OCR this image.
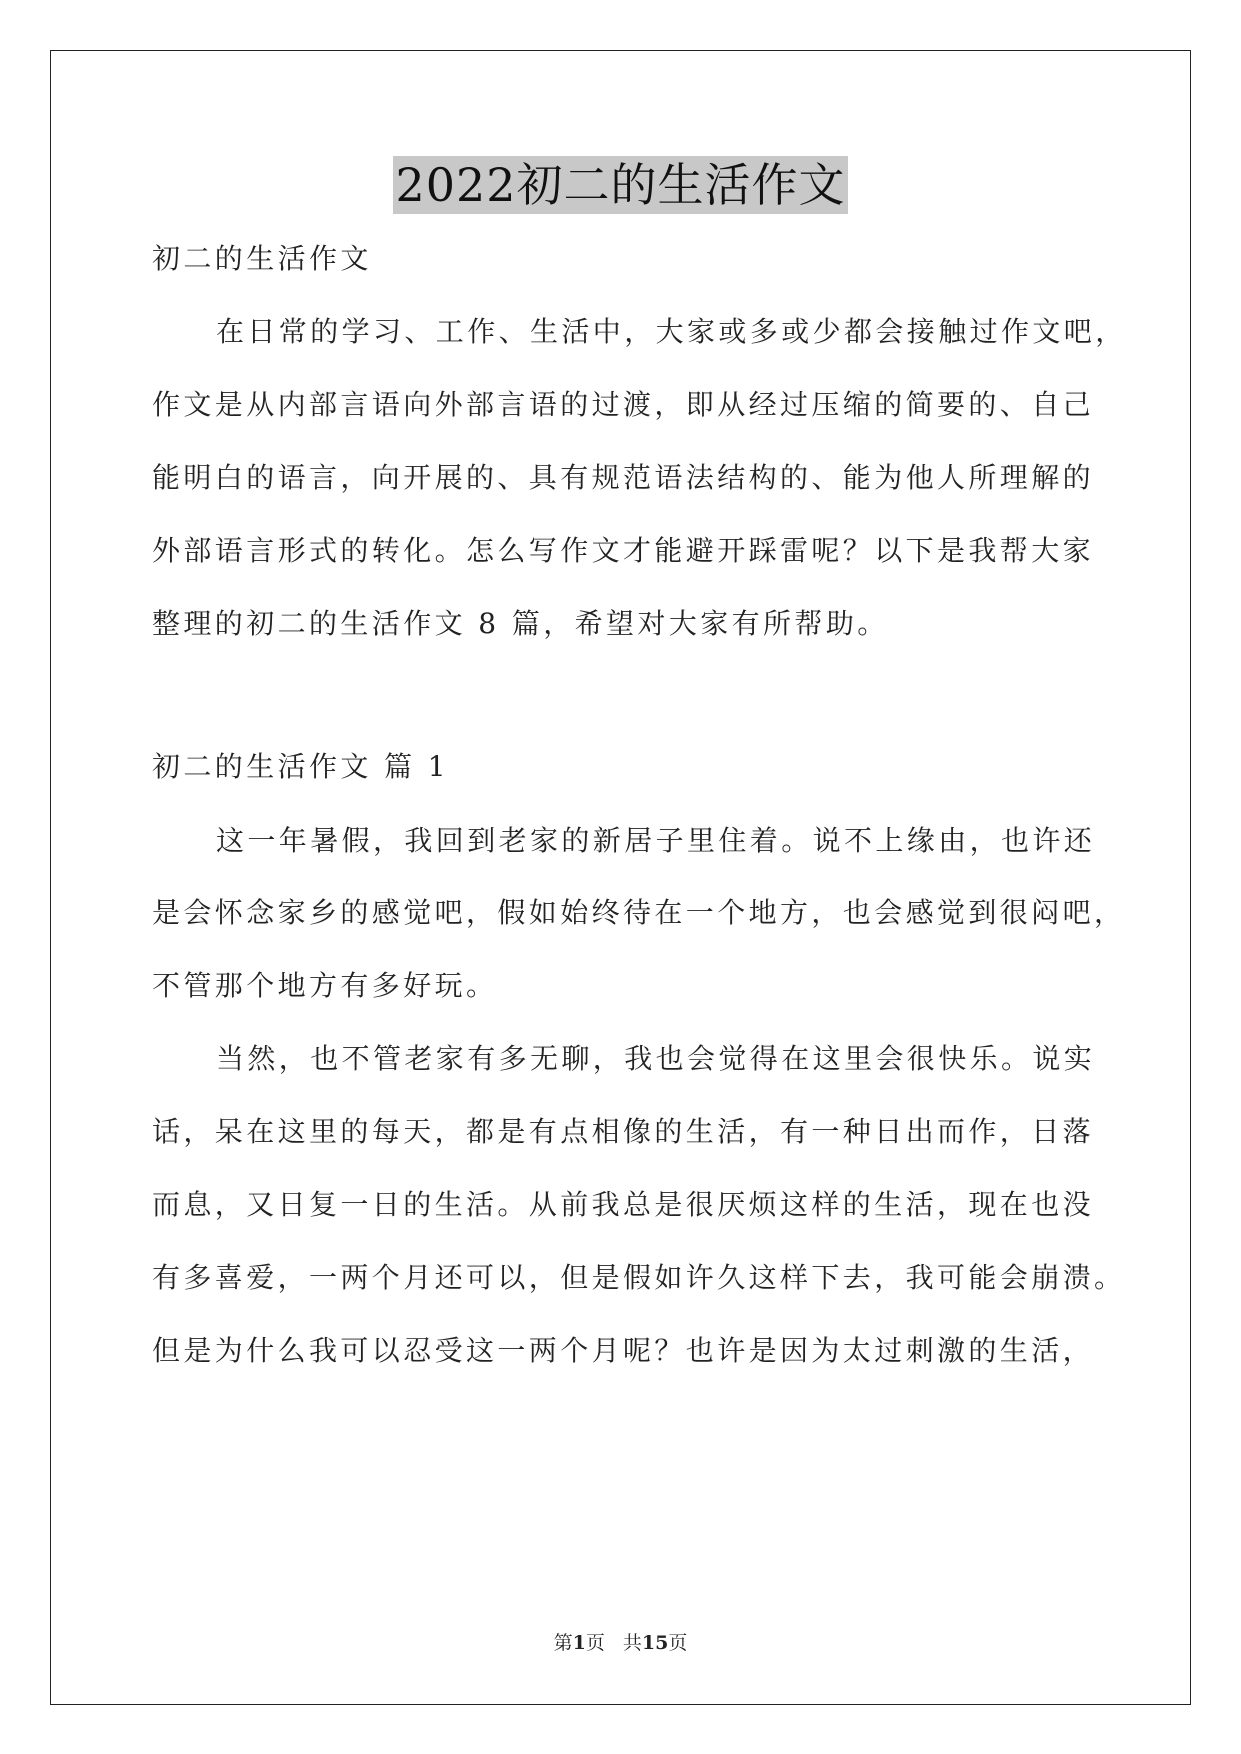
2022初二的生活作文
初二的生活作文
在日常的学习、工作、生活中，大家或多或少都会接触过作文吧，
作文是从内部言语向外部言语的过渡，即从经过压缩的简要的、自己
能明白的语言，向开展的、具有规范语法结构的、能为他人所理解的
外部语言形式的转化。怎么写作文才能避开踩雷呢？以下是我帮大家
整理的初二的生活作文 8 篇，希望对大家有所帮助。
初二的生活作文 篇 1
这一年暑假，我回到老家的新居子里住着。说不上缘由，也许还
是会怀念家乡的感觉吧，假如始终待在一个地方，也会感觉到很闷吧，
不管那个地方有多好玩。
当然，也不管老家有多无聊，我也会觉得在这里会很快乐。说实
话，呆在这里的每天，都是有点相像的生活，有一种日出而作，日落
而息，又日复一日的生活。从前我总是很厌烦这样的生活，现在也没
有多喜爱，一两个月还可以，但是假如许久这样下去，我可能会崩溃。
但是为什么我可以忍受这一两个月呢？也许是因为太过刺激的生活，
第1页 共15页
